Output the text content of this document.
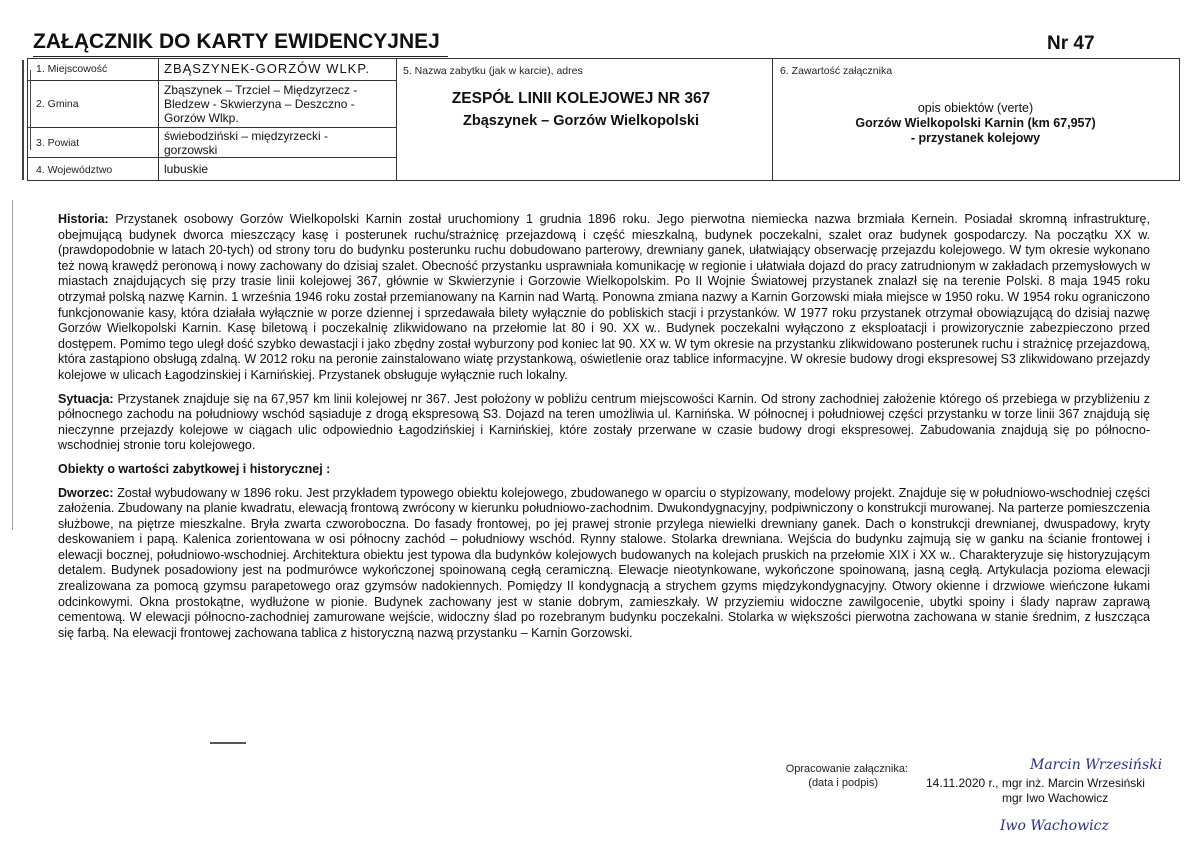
ZAŁĄCZNIK DO KARTY EWIDENCYJNEJ	Nr 47
1. Miejscowość	ZBĄSZYNEK-GORZÓW WLKP.
2. Gmina
Zbąszynek – Trzciel – Międzyrzecz -
Bledzew - Skwierzyna – Deszczno -
Gorzów Wlkp.
3. Powiat	świebodziński – międzyrzecki -
gorzowski
4. Województwo	lubuskie
5. Nazwa zabytku (jak w karcie), adres
ZESPÓŁ LINII KOLEJOWEJ NR 367
Zbąszynek – Gorzów Wielkopolski
6. Zawartość załącznika
opis obiektów (verte)
Gorzów Wielkopolski Karnin (km 67,957)
- przystanek kolejowy
Historia: Przystanek osobowy Gorzów Wielkopolski Karnin został uruchomiony 1 grudnia 1896 roku. Jego pierwotna niemiecka nazwa brzmiała Kernein. Posiadał skromną infrastrukturę, obejmującą budynek dworca mieszczący kasę i posterunek ruchu/strażnicę przejazdową i część mieszkalną, budynek poczekalni, szalet oraz budynek gospodarczy. Na początku XX w. (prawdopodobnie w latach 20-tych) od strony toru do budynku posterunku ruchu dobudowano parterowy, drewniany ganek, ułatwiający obserwację przejazdu kolejowego. W tym okresie wykonano też nową krawędź peronową i nowy zachowany do dzisiaj szalet. Obecność przystanku usprawniała komunikację w regionie i ułatwiała dojazd do pracy zatrudnionym w zakładach przemysłowych w miastach znajdujących się przy trasie linii kolejowej 367, głównie w Skwierzynie i Gorzowie Wielkopolskim. Po II Wojnie Światowej przystanek znalazł się na terenie Polski. 8 maja 1945 roku otrzymał polską nazwę Karnin. 1 września 1946 roku został przemianowany na Karnin nad Wartą. Ponowna zmiana nazwy a Karnin Gorzowski miała miejsce w 1950 roku. W 1954 roku ograniczono funkcjonowanie kasy, która działała wyłącznie w porze dziennej i sprzedawała bilety wyłącznie do pobliskich stacji i przystanków. W 1977 roku przystanek otrzymał obowiązującą do dzisiaj nazwę Gorzów Wielkopolski Karnin. Kasę biletową i poczekalnię zlikwidowano na przełomie lat 80 i 90. XX w.. Budynek poczekalni wyłączono z eksploatacji i prowizorycznie zabezpieczono przed dostępem. Pomimo tego uległ dość szybko dewastacji i jako zbędny został wyburzony pod koniec lat 90. XX w. W tym okresie na przystanku zlikwidowano posterunek ruchu i strażnicę przejazdową, która zastąpiono obsługą zdalną. W 2012 roku na peronie zainstalowano wiatę przystankową, oświetlenie oraz tablice informacyjne. W okresie budowy drogi ekspresowej S3 zlikwidowano przejazdy kolejowe w ulicach Łagodzinskiej i Karnińskiej. Przystanek obsługuje wyłącznie ruch lokalny.
Sytuacja: Przystanek znajduje się na 67,957 km linii kolejowej nr 367. Jest położony w pobliżu centrum miejscowości Karnin. Od strony zachodniej założenie którego oś przebiega w przybliżeniu z północnego zachodu na południowy wschód sąsiaduje z drogą ekspresową S3. Dojazd na teren umożliwia ul. Karnińska. W północnej i południowej części przystanku w torze linii 367 znajdują się nieczynne przejazdy kolejowe w ciągach ulic odpowiednio Łagodzińskiej i Karnińskiej, które zostały przerwane w czasie budowy drogi ekspresowej. Zabudowania znajdują się po północno-wschodniej stronie toru kolejowego.
Obiekty o wartości zabytkowej i historycznej :
Dworzec: Został wybudowany w 1896 roku. Jest przykładem typowego obiektu kolejowego, zbudowanego w oparciu o stypizowany, modelowy projekt. Znajduje się w południowo-wschodniej części założenia. Zbudowany na planie kwadratu, elewacją frontową zwrócony w kierunku południowo-zachodnim. Dwukondygnacyjny, podpiwniczony o konstrukcji murowanej. Na parterze pomieszczenia służbowe, na piętrze mieszkalne. Bryła zwarta czworoboczna. Do fasady frontowej, po jej prawej stronie przylega niewielki drewniany ganek. Dach o konstrukcji drewnianej, dwuspadowy, kryty deskowaniem i papą. Kalenica zorientowana w osi północny zachód – południowy wschód. Rynny stalowe. Stolarka drewniana. Wejścia do budynku zajmują się w ganku na ścianie frontowej i elewacji bocznej, południowo-wschodniej. Architektura obiektu jest typowa dla budynków kolejowych budowanych na kolejach pruskich na przełomie XIX i XX w.. Charakteryzuje się historyzującym detalem. Budynek posadowiony jest na podmurówce wykończonej spoinowaną cegłą ceramiczną. Elewacje nieotynkowane, wykończone spoinowaną, jasną cegłą. Artykulacja pozioma elewacji zrealizowana za pomocą gzymsu parapetowego oraz gzymsów nadokiennych. Pomiędzy II kondygnacją a strychem gzyms międzykondygnacyjny. Otwory okienne i drzwiowe wieńczone łukami odcinkowymi. Okna prostokątne, wydłużone w pionie. Budynek zachowany jest w stanie dobrym, zamieszkały. W przyziemiu widoczne zawilgocenie, ubytki spoiny i ślady napraw zaprawą cementową. W elewacji północno-zachodniej zamurowane wejście, widoczny ślad po rozebranym budynku poczekalni. Stolarka w większości pierwotna zachowana w stanie średnim, z łuszcząca się farbą. Na elewacji frontowej zachowana tablica z historyczną nazwą przystanku – Karnin Gorzowski.
Opracowanie załącznika:
(data i podpis)	14.11.2020 r., mgr inż. Marcin Wrzesiński
mgr Iwo Wachowicz
Marcin Wrzesiński
Iwo Wachowicz
